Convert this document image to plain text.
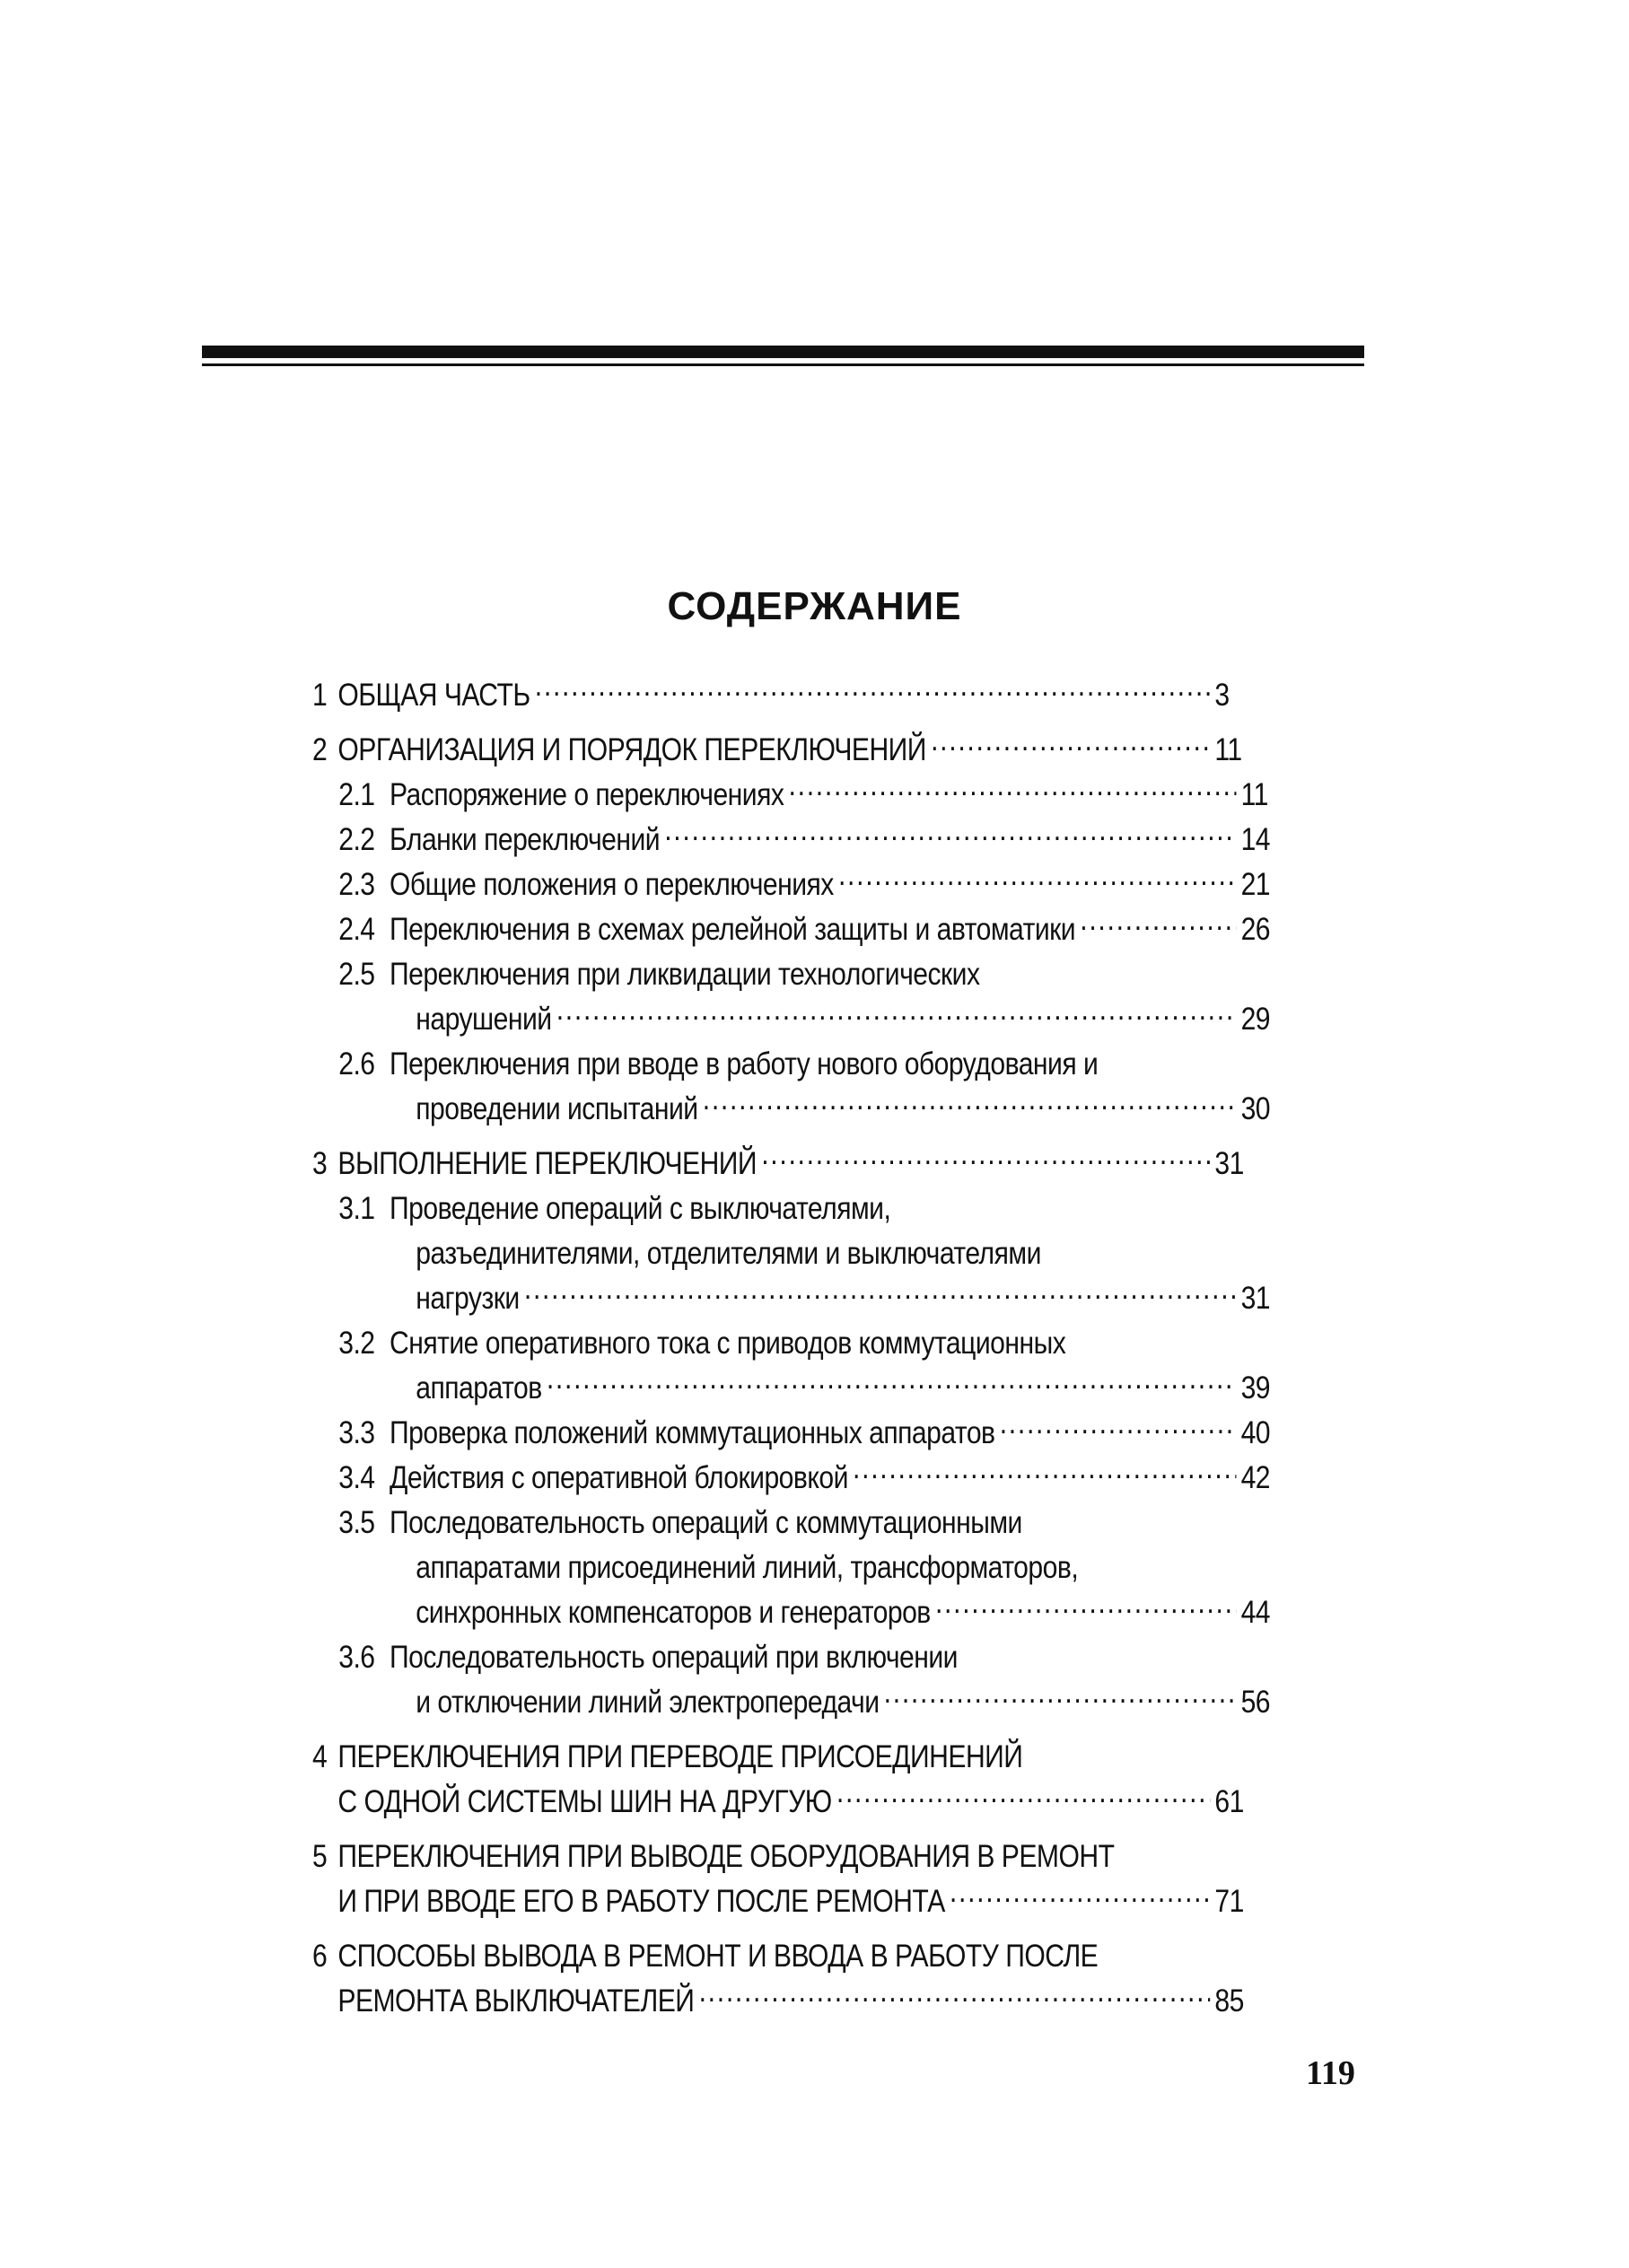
СОДЕРЖАНИЕ
1 ОБЩАЯ ЧАСТЬ .....	3
2 ОРГАНИЗАЦИЯ И ПОРЯДОК ПЕРЕКЛЮЧЕНИЙ .....	11
2.1 Распоряжение о переключениях .....	11
2.2 Бланки переключений .....	14
2.3 Общие положения о переключениях .....	21
2.4 Переключения в схемах релейной защиты и автоматики .....	26
2.5 Переключения при ликвидации технологических
нарушений .....	29
2.6 Переключения при вводе в работу нового оборудования и
проведении испытаний .....	30
3 ВЫПОЛНЕНИЕ ПЕРЕКЛЮЧЕНИЙ .....	31
3.1 Проведение операций с выключателями,
разъединителями, отделителями и выключателями
нагрузки .....	31
3.2 Снятие оперативного тока с приводов коммутационных
аппаратов .....	39
3.3 Проверка положений коммутационных аппаратов .....	40
3.4 Действия с оперативной блокировкой .....	42
3.5 Последовательность операций с коммутационными
аппаратами присоединений линий, трансформаторов,
синхронных компенсаторов и генераторов .....	44
3.6 Последовательность операций при включении
и отключении линий электропередачи .....	56
4 ПЕРЕКЛЮЧЕНИЯ ПРИ ПЕРЕВОДЕ ПРИСОЕДИНЕНИЙ
С ОДНОЙ СИСТЕМЫ ШИН НА ДРУГУЮ .....	61
5 ПЕРЕКЛЮЧЕНИЯ ПРИ ВЫВОДЕ ОБОРУДОВАНИЯ В РЕМОНТ
И ПРИ ВВОДЕ ЕГО В РАБОТУ ПОСЛЕ РЕМОНТА .....	71
6 СПОСОБЫ ВЫВОДА В РЕМОНТ И ВВОДА В РАБОТУ ПОСЛЕ
РЕМОНТА ВЫКЛЮЧАТЕЛЕЙ .....	85
119
